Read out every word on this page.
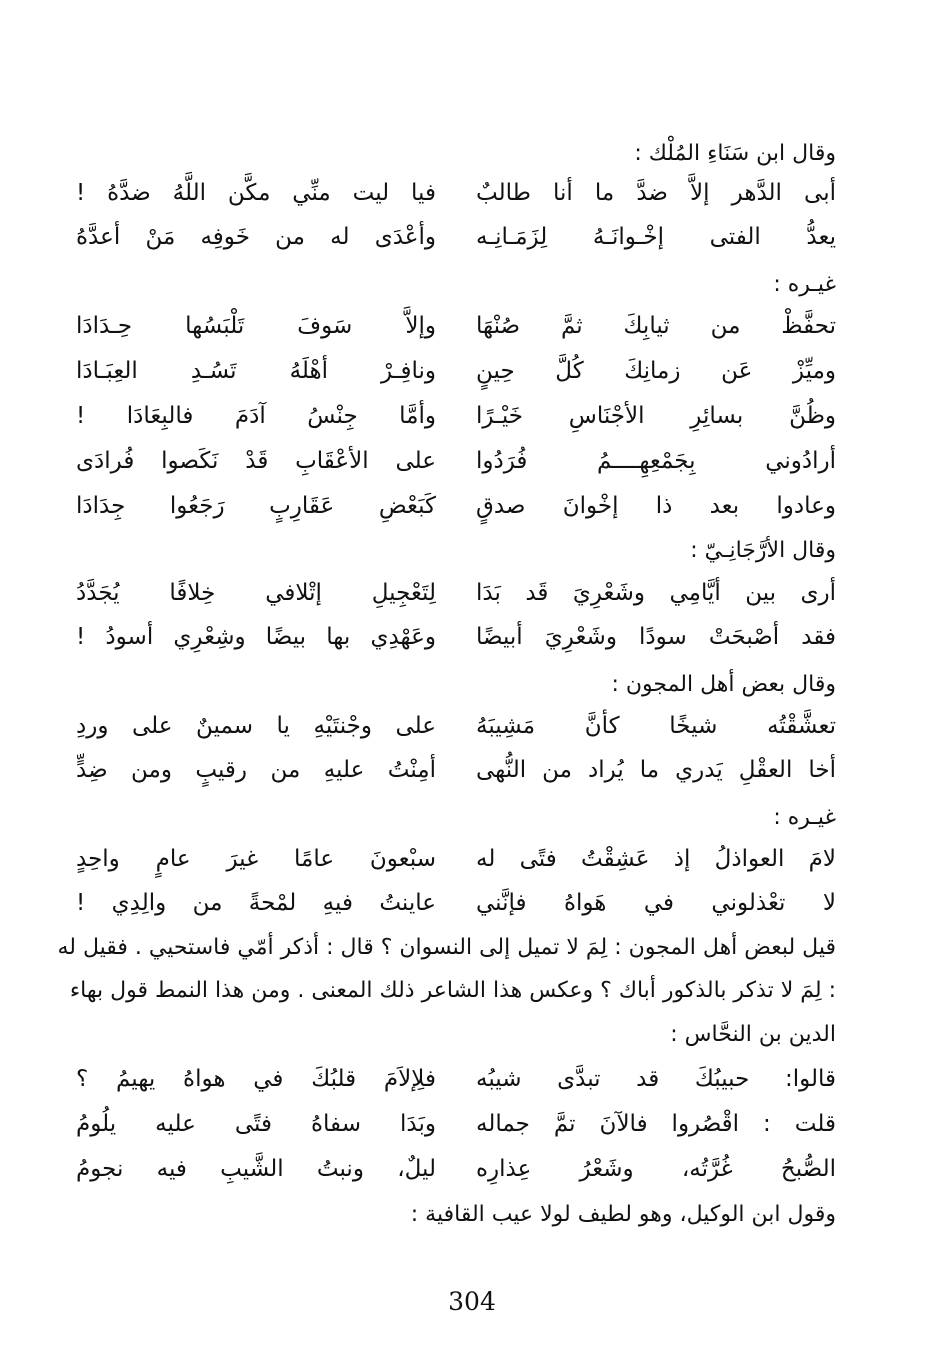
وقال ابن سَنَاءِ المُلْك :
أبى الدَّهر إلاَّ ضدَّ ما أنا طالبٌ
فيا ليت منِّي مكَّن اللَّهُ ضدَّهُ !
يعدُّ الفتى إخْـوانَـهُ لِزَمَـانِـه
وأعْدَى له من خَوفِه مَنْ أعدَّهُ
غيـره :
تحفَّظْ من ثيابِكَ ثمَّ صُنْهَا
وإلاَّ سَوفَ تَلْبَسُها حِـدَادَا
وميِّزْ عَن زمانِكَ كُلَّ حِينٍ
ونافِـرْ أهْلَهُ تَسُـدِ العِبَـادَا
وظُنَّ بسائِرِ الأجْنَاسِ خَيْـرًا
وأمَّا جِنْسُ آدَمَ فالبِعَادَا !
أرادُوني بِجَمْعِهِــــمُ فُرَدُوا
على الأعْقَابِ قَدْ نَكَصوا فُرادَى
وعادوا بعد ذا إخْوانَ صدقٍ
كَبَعْضِ عَقَارِبٍ رَجَعُوا جِدَادَا
وقال الأرَّجَانِـيّ :
أرى بين أيَّامِي وشَعْرِيَ قَد بَدَا
لِتَعْجِيلِ إتْلافي خِلافًا يُجَدَّدُ
فقد أصْبحَتْ سودًا وشَعْرِيَ أبيضًا
وعَهْدِي بها بيضًا وشِعْرِي أسودُ !
وقال بعض أهل المجون :
تعشَّقْتُه شيخًا كأنَّ مَشِيبَهُ
على وجْنتَيْهِ يا سمينٌ على وردِ
أخا العقْلِ يَدري ما يُراد من النُّهى
أمِنْتُ عليهِ من رقيبٍ ومن ضِدٍّ
غيـره :
لامَ العواذلُ إذ عَشِقْتُ فتًى له
سبْعونَ عامًا غيرَ عامٍ واحِدٍ
لا تعْذلوني في هَواهُ فإنَّني
عاينتُ فيهِ لمْحةً من والِدِي !
قيل لبعض أهل المجون : لِمَ لا تميل إلى النسوان ؟ قال : أذكر أمّي فاستحيي . فقيل له
: لِمَ لا تذكر بالذكور أباك ؟ وعكس هذا الشاعر ذلك المعنى . ومن هذا النمط قول بهاء
الدين بن النحَّاس :
قالوا: حبيبُكَ قد تبدَّى شيبُه
فلِإلاَمَ قلبُكَ في هواهُ يهيمُ ؟
قلت : اقْصُروا فالآنَ تمَّ جماله
وبَدَا سفاهُ فتًى عليه يلُومُ
الصُّبحُ غُرَّتُه، وشَعْرُ عِذارِه
ليلٌ، ونبتُ الشَّيبِ فيه نجومُ
وقول ابن الوكيل، وهو لطيف لولا عيب القافية :
304
